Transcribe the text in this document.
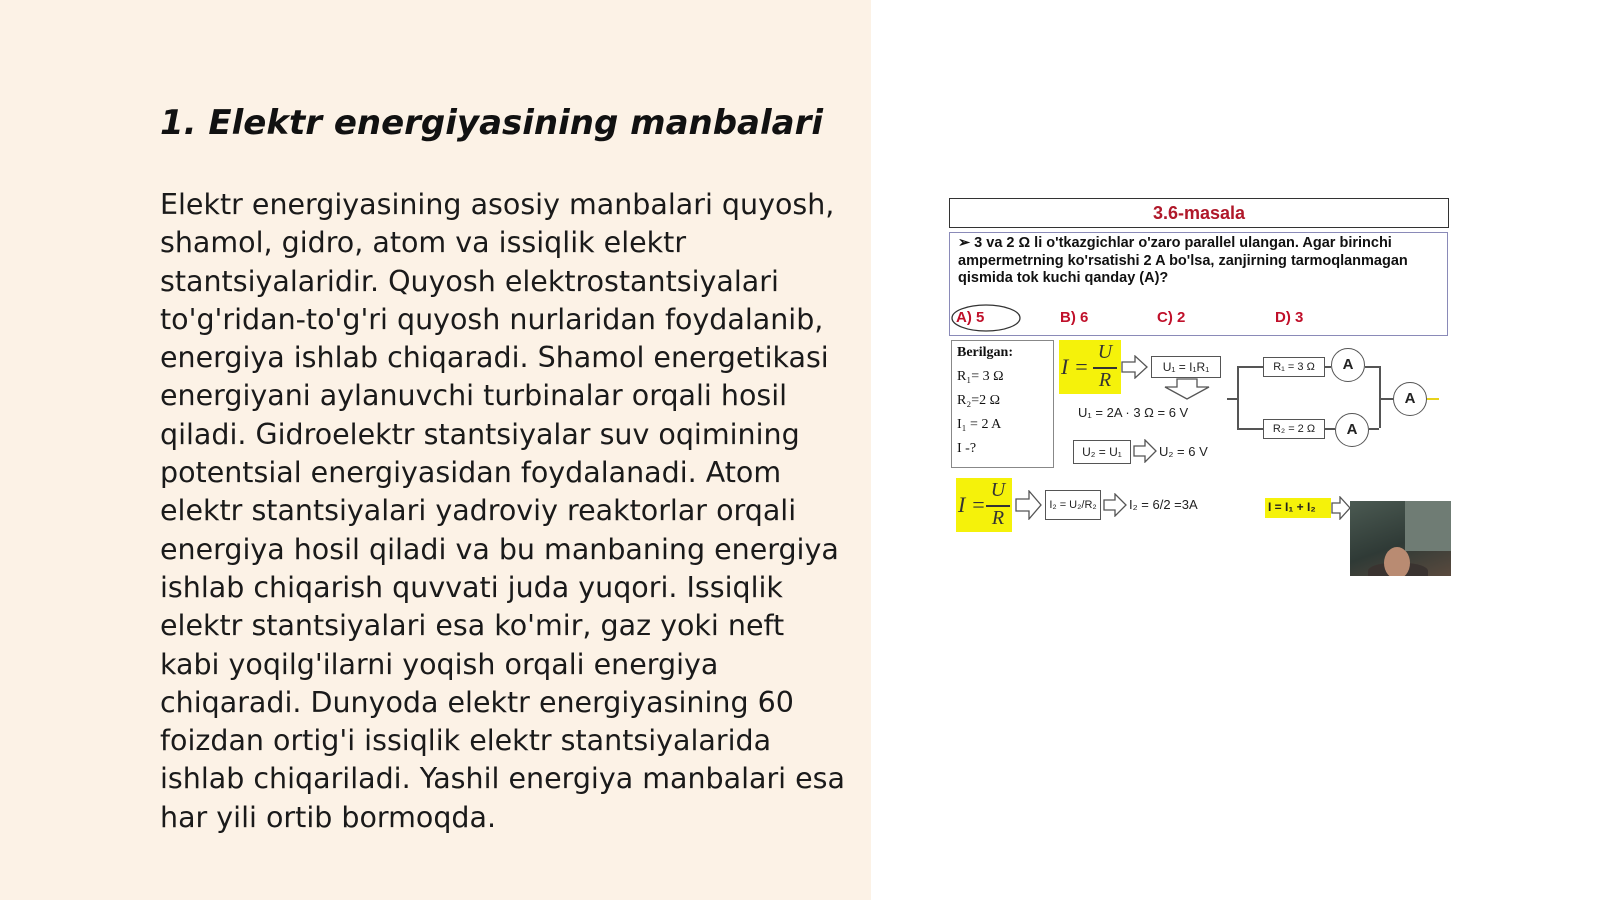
1. Elektr energiyasining manbalari

Elektr energiyasining asosiy manbalari quyosh, shamol, gidro, atom va issiqlik elektr stantsiyalaridir. Quyosh elektrostantsiyalari to'g'ridan-to'g'ri quyosh nurlaridan foydalanib, energiya ishlab chiqaradi. Shamol energetikasi energiyani aylanuvchi turbinalar orqali hosil qiladi. Gidroelektr stantsiyalar suv oqimining potentsial energiyasidan foydalanadi. Atom elektr stantsiyalari yadroviy reaktorlar orqali energiya hosil qiladi va bu manbaning energiya ishlab chiqarish quvvati juda yuqori. Issiqlik elektr stantsiyalari esa ko'mir, gaz yoki neft kabi yoqilg'ilarni yoqish orqali energiya chiqaradi. Dunyoda elektr energiyasining 60 foizdan ortig'i issiqlik elektr stantsiyalarida ishlab chiqariladi. Yashil energiya manbalari esa har yili ortib bormoqda.

3.6-masala

➢ 3 va 2 Ω li o'tkazgichlar o'zaro parallel ulangan. Agar birinchi ampermetrning ko'rsatishi 2 A bo'lsa, zanjirning tarmoqlanmagan qismida tok kuchi qanday (A)?

A) 5	B) 6	C) 2	D) 3
Berilgan:
R₁= 3 Ω
R₂=2 Ω
I₁ = 2 A
I -?
I =
U
R
U₁ = I₁R₁
U₁ = 2A · 3 Ω = 6 V
U₂ = U₁	U₂ = 6 V
R₁ = 3 Ω
R₂ = 2 Ω
A
A
A
I =
U
R
I₂ = U₂/R₂	I₂ = 6/2 =3A	I = I₁ + I₂
